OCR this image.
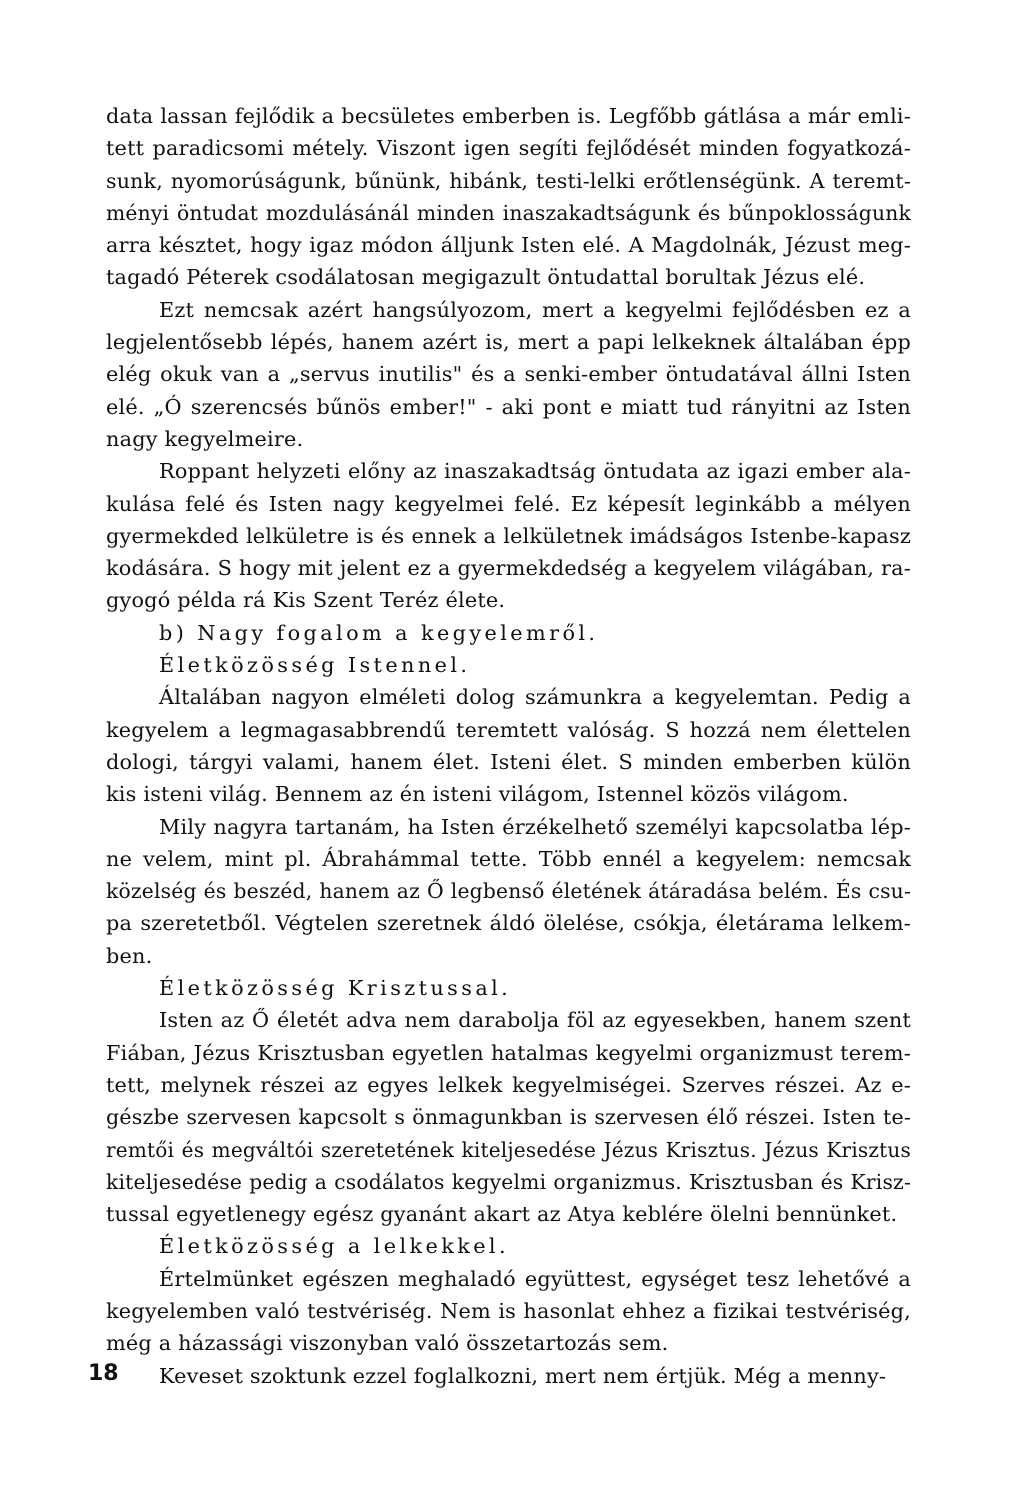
data lassan fejlődik a becsületes emberben is. Legfőbb gátlása a már emli-
tett paradicsomi métely. Viszont igen segíti fejlődését minden fogyatkozá-
sunk, nyomorúságunk, bűnünk, hibánk, testi-lelki erőtlenségünk. A teremt-
ményi öntudat mozdulásánál minden inaszakadtságunk és bűnpoklosságunk
arra késztet, hogy igaz módon álljunk Isten elé. A Magdolnák, Jézust meg-
tagadó Péterek csodálatosan megigazult öntudattal borultak Jézus elé.
Ezt nemcsak azért hangsúlyozom, mert a kegyelmi fejlődésben ez a
legjelentősebb lépés, hanem azért is, mert a papi lelkeknek általában épp
elég okuk van a „servus inutilis" és a senki-ember öntudatával állni Isten
elé. „Ó szerencsés bűnös ember!" - aki pont e miatt tud rányitni az Isten
nagy kegyelmeire.
Roppant helyzeti előny az inaszakadtság öntudata az igazi ember ala-
kulása felé és Isten nagy kegyelmei felé. Ez képesít leginkább a mélyen
gyermekded lelkületre is és ennek a lelkületnek imádságos Istenbe-kapasz
kodására. S hogy mit jelent ez a gyermekdedség a kegyelem világában, ra-
gyogó példa rá Kis Szent Teréz élete.
b) Nagy fogalom a kegyelemről.
Életközösség Istennel.
Általában nagyon elméleti dolog számunkra a kegyelemtan. Pedig a
kegyelem a legmagasabbrendű teremtett valóság. S hozzá nem élettelen
dologi, tárgyi valami, hanem élet. Isteni élet. S minden emberben külön
kis isteni világ. Bennem az én isteni világom, Istennel közös világom.
Mily nagyra tartanám, ha Isten érzékelhető személyi kapcsolatba lép-
ne velem, mint pl. Ábrahámmal tette. Több ennél a kegyelem: nemcsak
közelség és beszéd, hanem az Ő legbenső életének átáradása belém. És csu-
pa szeretetből. Végtelen szeretnek áldó ölelése, csókja, életárama lelkem-
ben.
Életközösség Krisztussal.
Isten az Ő életét adva nem darabolja föl az egyesekben, hanem szent
Fiában, Jézus Krisztusban egyetlen hatalmas kegyelmi organizmust terem-
tett, melynek részei az egyes lelkek kegyelmiségei. Szerves részei. Az e-
gészbe szervesen kapcsolt s önmagunkban is szervesen élő részei. Isten te-
remtői és megváltói szeretetének kiteljesedése Jézus Krisztus. Jézus Krisztus
kiteljesedése pedig a csodálatos kegyelmi organizmus. Krisztusban és Krisz-
tussal egyetlenegy egész gyanánt akart az Atya keblére ölelni bennünket.
Életközösség a lelkekkel.
Értelmünket egészen meghaladó együttest, egységet tesz lehetővé a
kegyelemben való testvériség. Nem is hasonlat ehhez a fizikai testvériség,
még a házassági viszonyban való összetartozás sem.
Keveset szoktunk ezzel foglalkozni, mert nem értjük. Még a menny-
18
